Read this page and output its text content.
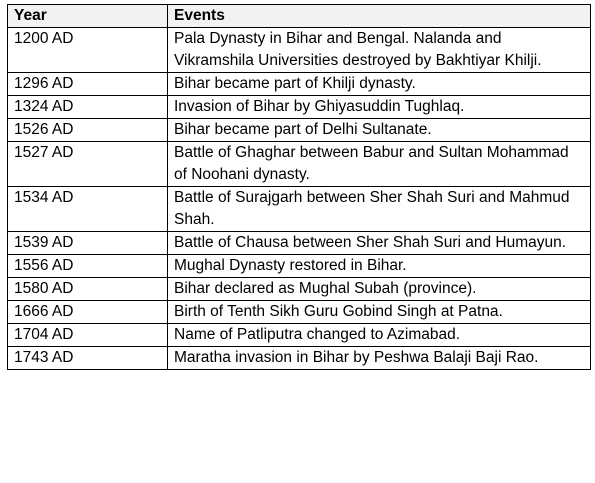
Year	Events
1200 AD	Pala Dynasty in Bihar and Bengal. Nalanda and Vikramshila Universities destroyed by Bakhtiyar Khilji.
1296 AD	Bihar became part of Khilji dynasty.
1324 AD	Invasion of Bihar by Ghiyasuddin Tughlaq.
1526 AD	Bihar became part of Delhi Sultanate.
1527 AD	Battle of Ghaghar between Babur and Sultan Mohammad of Noohani dynasty.
1534 AD	Battle of Surajgarh between Sher Shah Suri and Mahmud Shah.
1539 AD	Battle of Chausa between Sher Shah Suri and Humayun.
1556 AD	Mughal Dynasty restored in Bihar.
1580 AD	Bihar declared as Mughal Subah (province).
1666 AD	Birth of Tenth Sikh Guru Gobind Singh at Patna.
1704 AD	Name of Patliputra changed to Azimabad.
1743 AD	Maratha invasion in Bihar by Peshwa Balaji Baji Rao.
